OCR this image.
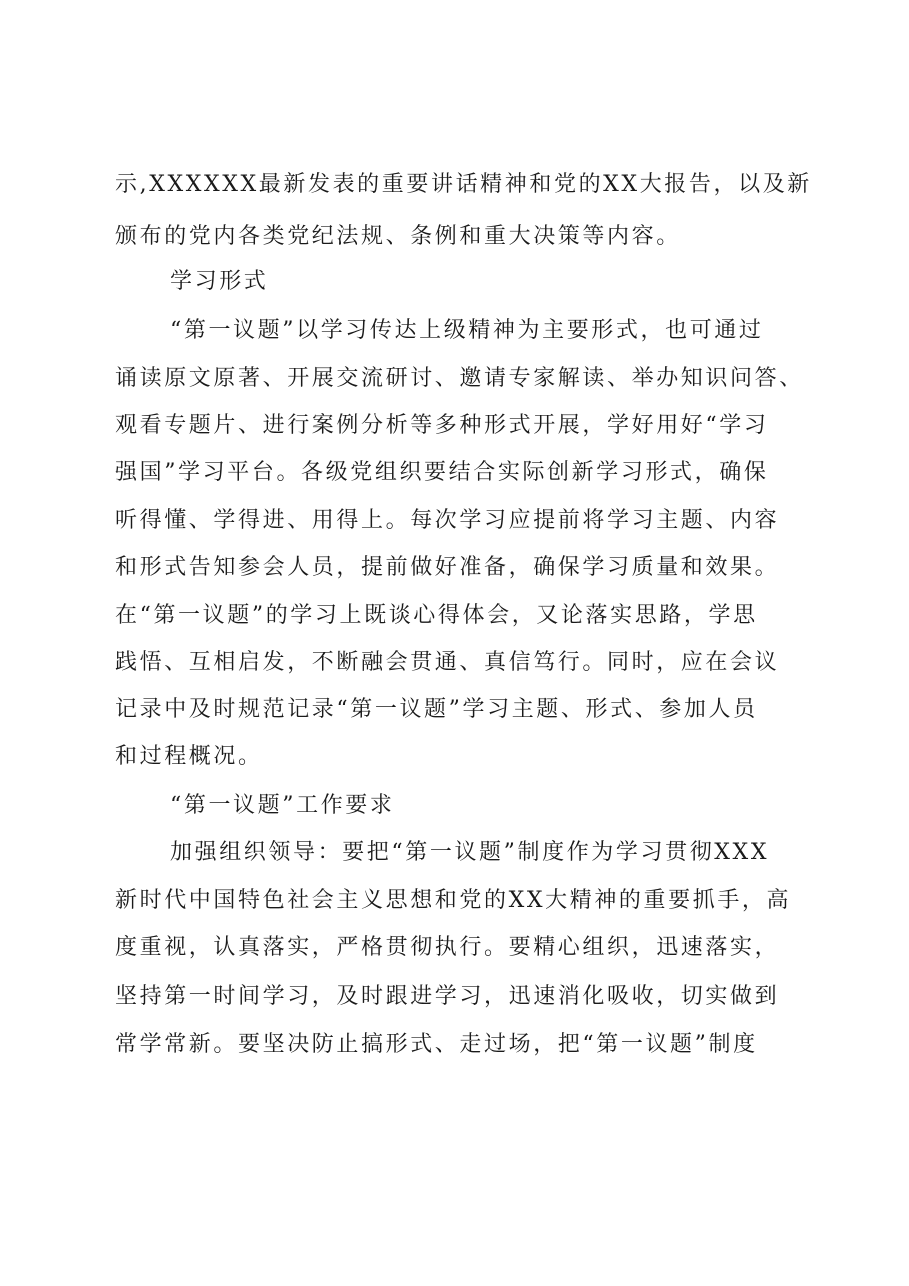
示,XXXXXX最新发表的重要讲话精神和党的XX大报告，以及新
颁布的党内各类党纪法规、条例和重大决策等内容。
学习形式
“第一议题”以学习传达上级精神为主要形式，也可通过
诵读原文原著、开展交流研讨、邀请专家解读、举办知识问答、
观看专题片、进行案例分析等多种形式开展，学好用好“学习
强国”学习平台。各级党组织要结合实际创新学习形式，确保
听得懂、学得进、用得上。每次学习应提前将学习主题、内容
和形式告知参会人员，提前做好准备，确保学习质量和效果。
在“第一议题”的学习上既谈心得体会，又论落实思路，学思
践悟、互相启发，不断融会贯通、真信笃行。同时，应在会议
记录中及时规范记录“第一议题”学习主题、形式、参加人员
和过程概况。
“第一议题”工作要求
加强组织领导：要把“第一议题”制度作为学习贯彻XXX
新时代中国特色社会主义思想和党的XX大精神的重要抓手，高
度重视，认真落实，严格贯彻执行。要精心组织，迅速落实，
坚持第一时间学习，及时跟进学习，迅速消化吸收，切实做到
常学常新。要坚决防止搞形式、走过场，把“第一议题”制度
